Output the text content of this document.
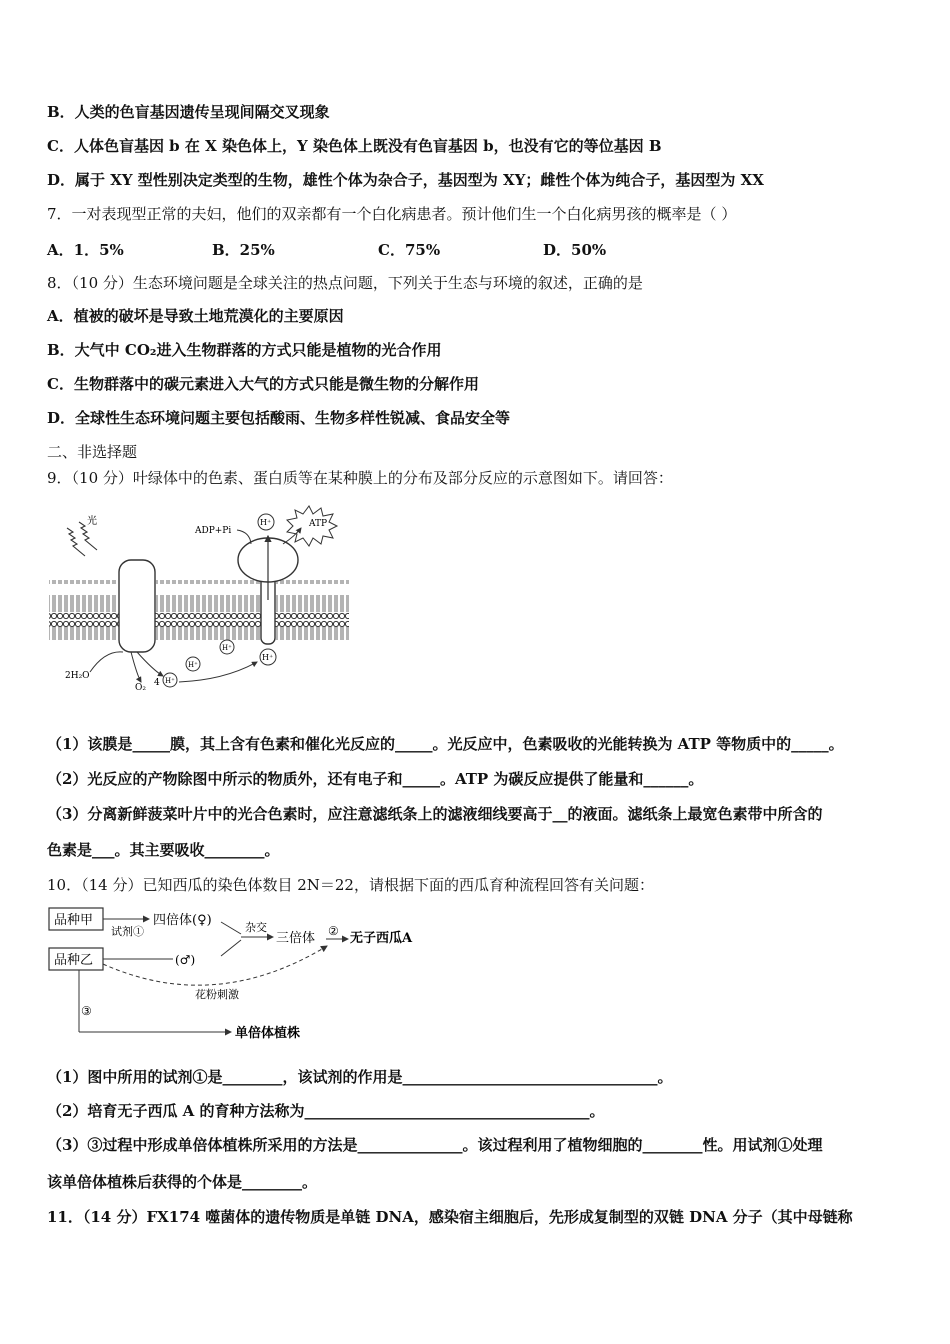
B．人类的色盲基因遗传呈现间隔交叉现象
C．人体色盲基因 b 在 X 染色体上，Y 染色体上既没有色盲基因 b，也没有它的等位基因 B
D．属于 XY 型性别决定类型的生物，雄性个体为杂合子，基因型为 XY；雌性个体为纯合子，基因型为 XX
7．一对表现型正常的夫妇，他们的双亲都有一个白化病患者。预计他们生一个白化病男孩的概率是（ ）
A．1．5%	B．25%	C．75%	D．50%
8．（10 分）生态环境问题是全球关注的热点问题，下列关于生态与环境的叙述，正确的是
A．植被的破坏是导致土地荒漠化的主要原因
B．大气中 CO₂进入生物群落的方式只能是植物的光合作用
C．生物群落中的碳元素进入大气的方式只能是微生物的分解作用
D．全球性生态环境问题主要包括酸雨、生物多样性锐减、食品安全等
二、非选择题
9．（10 分）叶绿体中的色素、蛋白质等在某种膜上的分布及部分反应的示意图如下。请回答：
光
ADP+Pi
H⁺	ATP
2H₂O
O₂ 4 H⁺
H⁺
H⁺
H⁺
（1）该膜是_____膜，其上含有色素和催化光反应的_____。光反应中，色素吸收的光能转换为 ATP 等物质中的_____。
（2）光反应的产物除图中所示的物质外，还有电子和_____。ATP 为碳反应提供了能量和______。
（3）分离新鲜菠菜叶片中的光合色素时，应注意滤纸条上的滤液细线要高于__的液面。滤纸条上最宽色素带中所含的
色素是___。其主要吸收________。
10．（14 分）已知西瓜的染色体数目 2N＝22，请根据下面的西瓜育种流程回答有关问题：
品种甲
品种乙
试剂①
四倍体(♀)
(♂)
杂交
三倍体 ② 无子西瓜A
花粉刺激
③
单倍体植株
（1）图中所用的试剂①是________，该试剂的作用是__________________________________。
（2）培育无子西瓜 A 的育种方法称为______________________________________。
（3）③过程中形成单倍体植株所采用的方法是______________。该过程利用了植物细胞的________性。用试剂①处理
该单倍体植株后获得的个体是________。
11．（14 分）FX174 噬菌体的遗传物质是单链 DNA，感染宿主细胞后，先形成复制型的双链 DNA 分子（其中母链称
